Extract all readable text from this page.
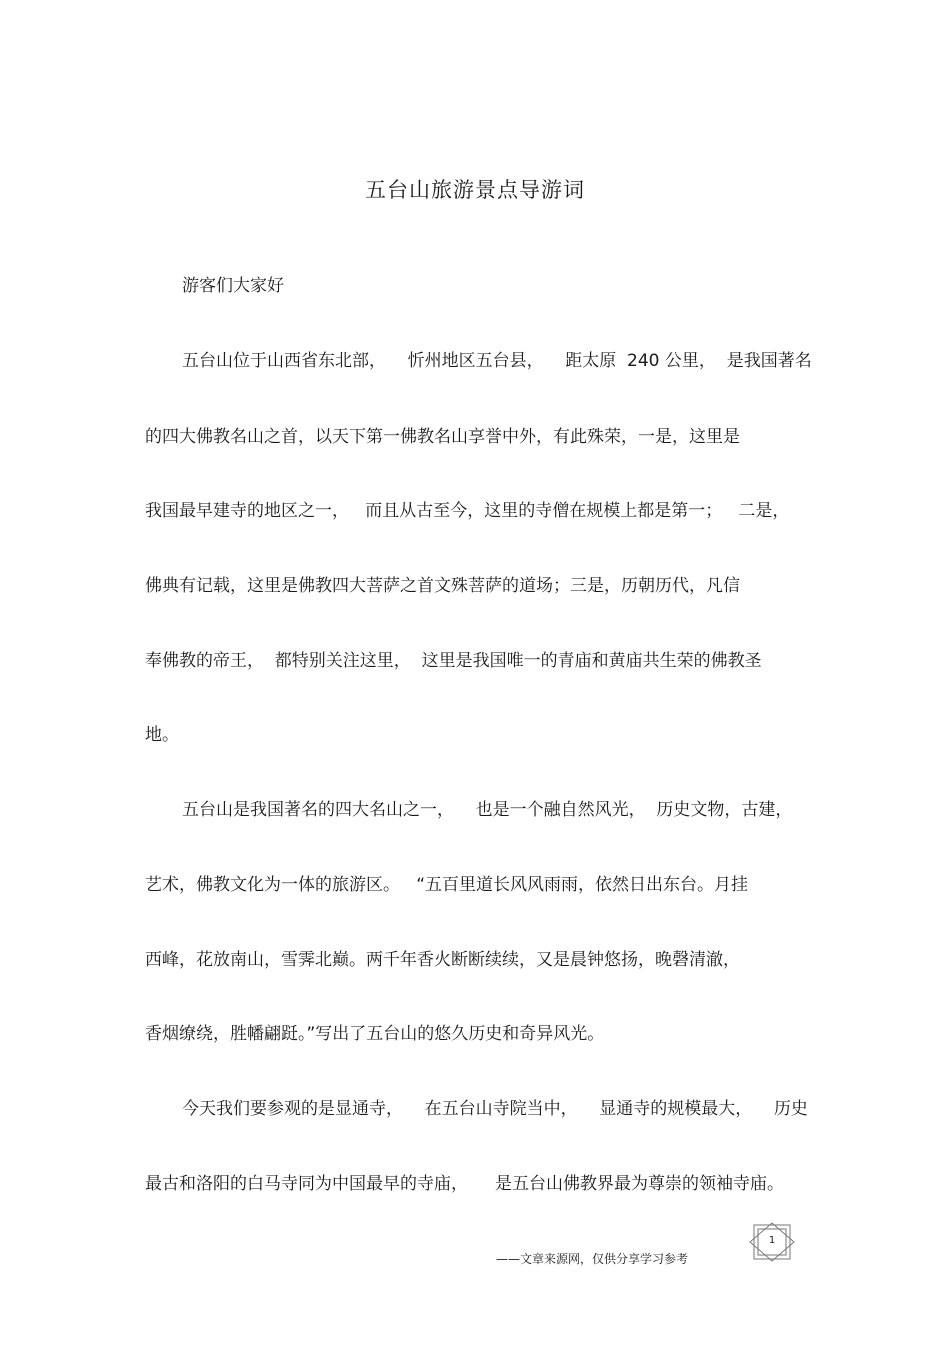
五台山旅游景点导游词
游客们大家好
五台山位于山西省东北部，    忻州地区五台县，    距太原  240 公里，  是我国著名
的四大佛教名山之首，以天下第一佛教名山享誉中外，有此殊荣，一是，这里是
我国最早建寺的地区之一，   而且从古至今，这里的寺僧在规模上都是第一；   二是，
佛典有记载，这里是佛教四大菩萨之首文殊菩萨的道场；三是，历朝历代，凡信
奉佛教的帝王，  都特别关注这里，  这里是我国唯一的青庙和黄庙共生荣的佛教圣
地。
五台山是我国著名的四大名山之一，    也是一个融自然风光，  历史文物，古建，
艺术，佛教文化为一体的旅游区。   “五百里道长风风雨雨，依然日出东台。月挂
西峰，花放南山，雪霁北巅。两千年香火断断续续，又是晨钟悠扬，晚磬清澈，
香烟缭绕，胜幡翩跹。”写出了五台山的悠久历史和奇异风光。
今天我们要参观的是显通寺，    在五台山寺院当中，    显通寺的规模最大，    历史
最古和洛阳的白马寺同为中国最早的寺庙，     是五台山佛教界最为尊崇的领袖寺庙。
——文章来源网，仅供分享学习参考
1
